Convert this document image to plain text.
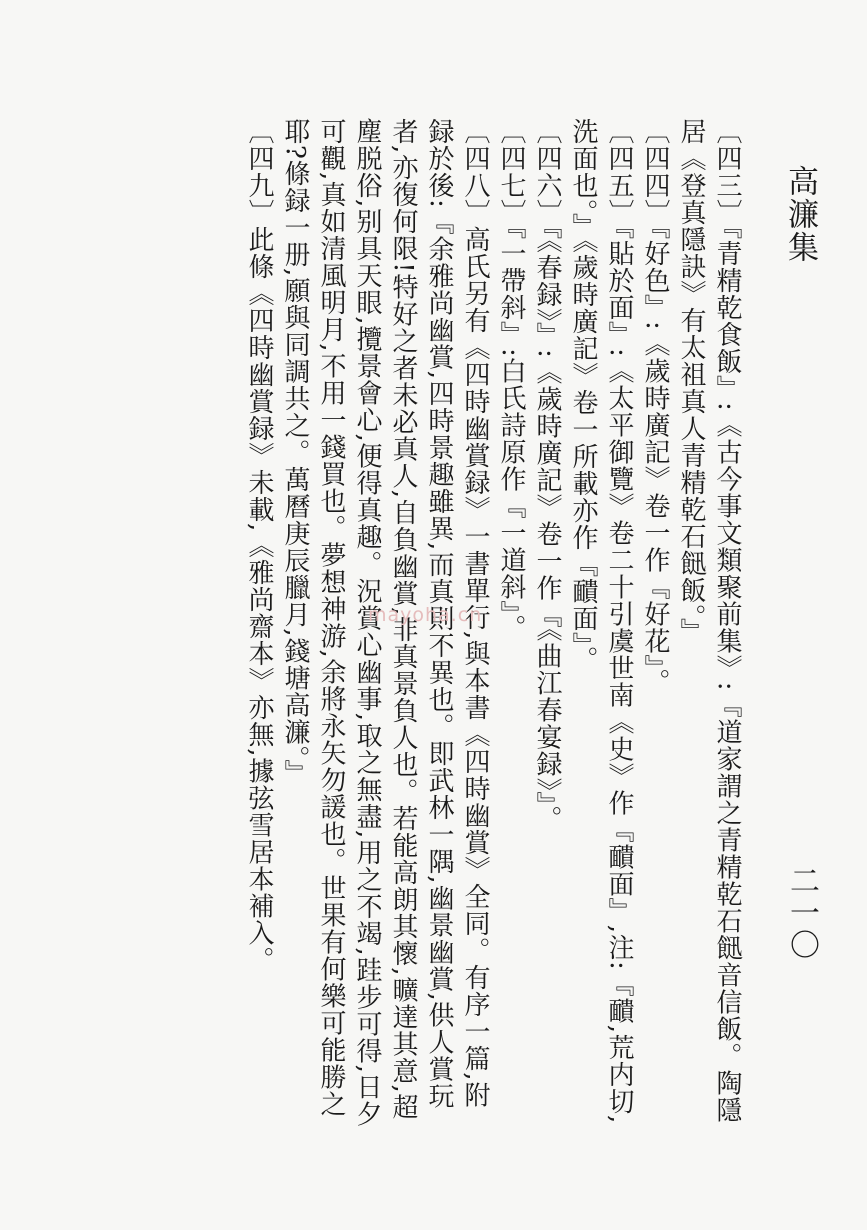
高濂集
二一〇

〔四三〕『青精乾食飯』:《古今事文類聚前集》:『道家謂之青精乾石䭀音信飯。陶隱居《登真隱訣》有太祖真人青精乾石䭀飯。』

〔四四〕『好色』:《歲時廣記》卷一作『好花』。

〔四五〕『貼於面』:《太平御覽》卷二十引虞世南《史》作『靧面』,注:『靧,荒内切,洗面也。』《歲時廣記》卷一所載亦作『靧面』。

〔四六〕『《春録》』:《歲時廣記》卷一作『《曲江春宴録》』。

〔四七〕『一帶斜』:白氏詩原作『一道斜』。

〔四八〕高氏另有《四時幽賞録》一書單行,與本書《四時幽賞》全同。有序一篇,附録於後:『余雅尚幽賞,四時景趣雖異,而真則不異也。即武林一隅,幽景幽賞,供人賞玩者,亦復何限!特好之者未必真人,自負幽賞,非真景負人也。若能高朗其懷,曠達其意,超塵脱俗,别具天眼,攬景會心,便得真趣。況賞心幽事,取之無盡,用之不竭,跬步可得,日夕可觀,真如清風明月,不用一錢買也。夢想神游,余將永矢勿諼也。世果有何樂可能勝之耶?條録一册,願與同調共之。萬曆庚辰臘月,錢塘高濂。』

〔四九〕此條《四時幽賞録》未載,《雅尚齋本》亦無,據弦雪居本補入。	mayoha.cn
